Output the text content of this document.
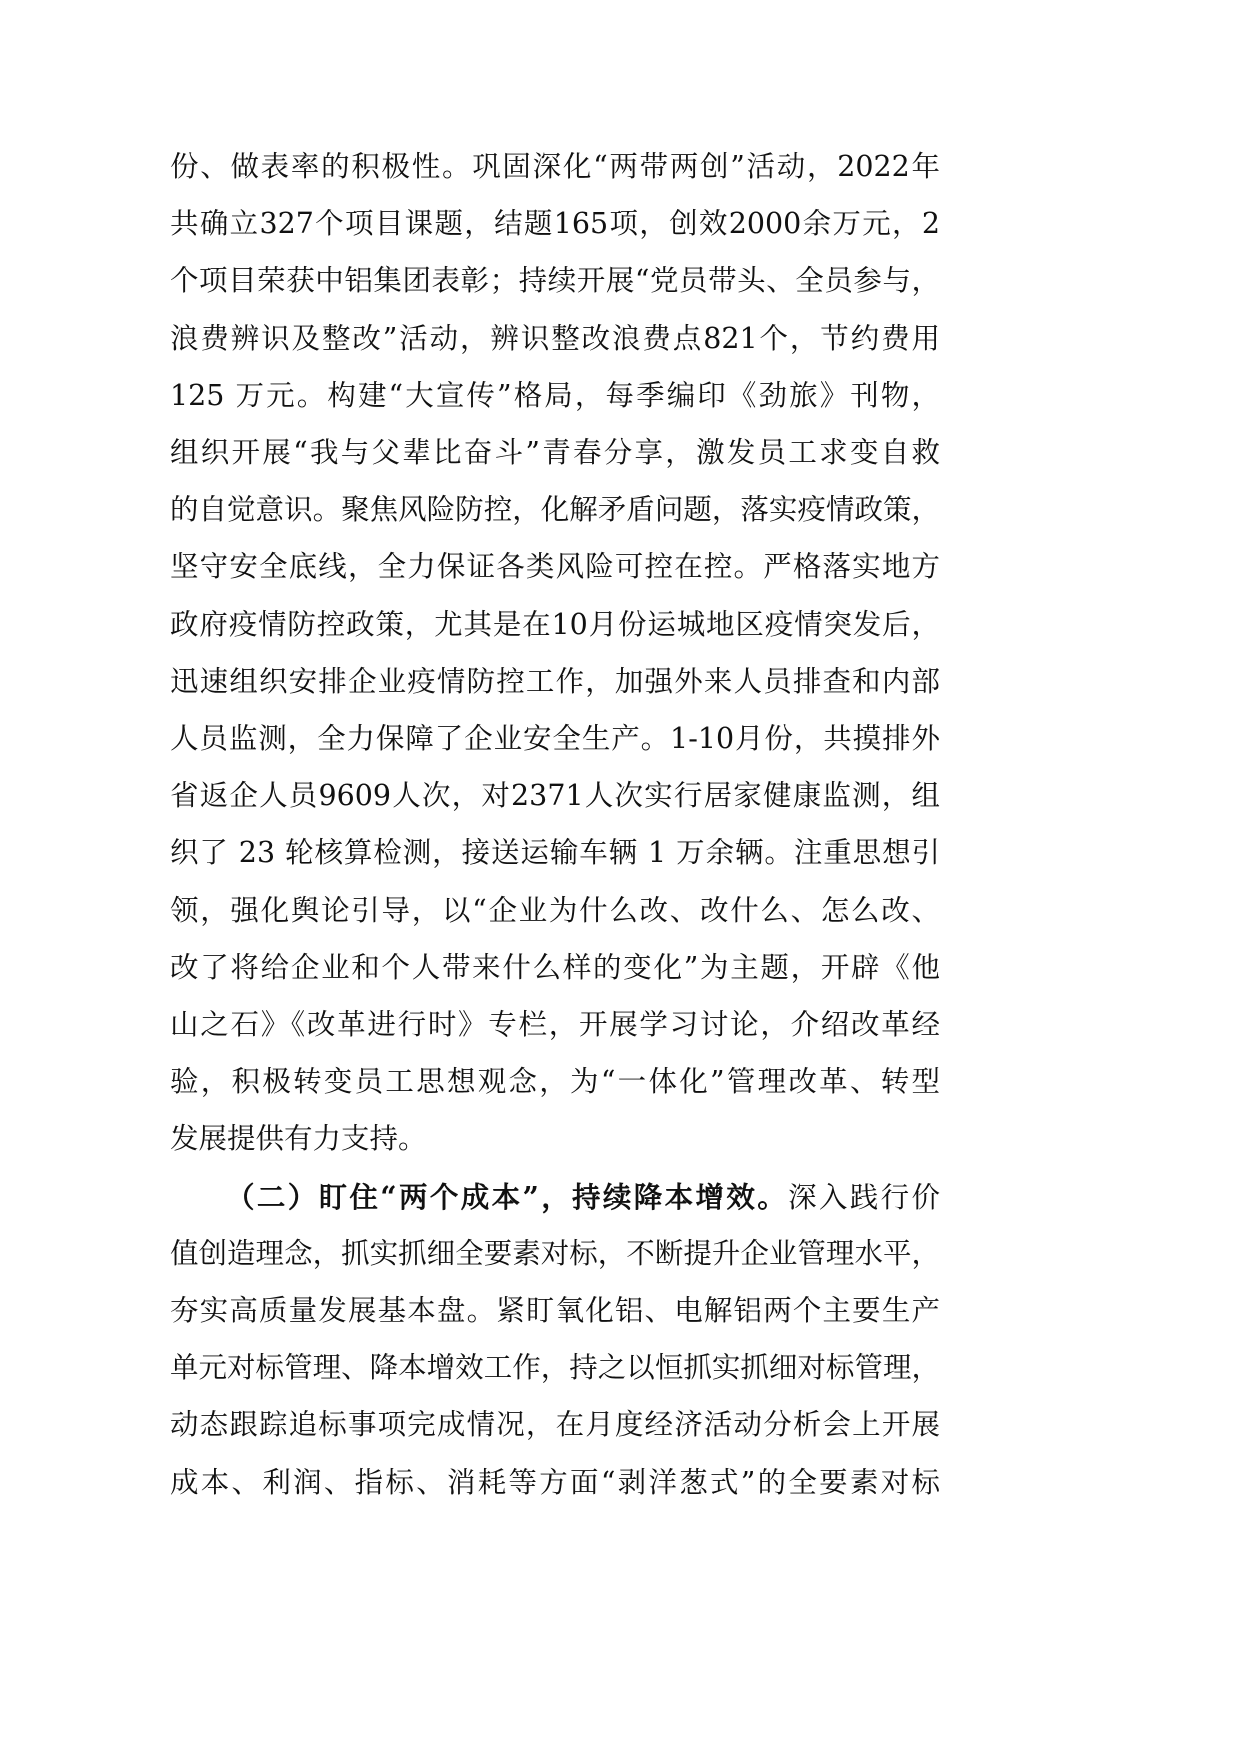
份、做表率的积极性。巩固深化“两带两创”活动，2022年
共确立327个项目课题，结题165项，创效2000余万元，2
个项目荣获中铝集团表彰；持续开展“党员带头、全员参与，
浪费辨识及整改”活动，辨识整改浪费点821个，节约费用
125 万元。构建“大宣传”格局，每季编印《劲旅》刊物，
组织开展“我与父辈比奋斗”青春分享，激发员工求变自救
的自觉意识。聚焦风险防控，化解矛盾问题，落实疫情政策，
坚守安全底线，全力保证各类风险可控在控。严格落实地方
政府疫情防控政策，尤其是在10月份运城地区疫情突发后，
迅速组织安排企业疫情防控工作，加强外来人员排查和内部
人员监测，全力保障了企业安全生产。1-10月份，共摸排外
省返企人员9609人次，对2371人次实行居家健康监测，组
织了 23 轮核算检测，接送运输车辆 1 万余辆。注重思想引
领，强化舆论引导，以“企业为什么改、改什么、怎么改、
改了将给企业和个人带来什么样的变化”为主题，开辟《他
山之石》《改革进行时》专栏，开展学习讨论，介绍改革经
验，积极转变员工思想观念，为“一体化”管理改革、转型
发展提供有力支持。
（二）盯住“两个成本”，持续降本增效。深入践行价
值创造理念，抓实抓细全要素对标，不断提升企业管理水平，
夯实高质量发展基本盘。紧盯氧化铝、电解铝两个主要生产
单元对标管理、降本增效工作，持之以恒抓实抓细对标管理，
动态跟踪追标事项完成情况，在月度经济活动分析会上开展
成本、利润、指标、消耗等方面“剥洋葱式”的全要素对标
